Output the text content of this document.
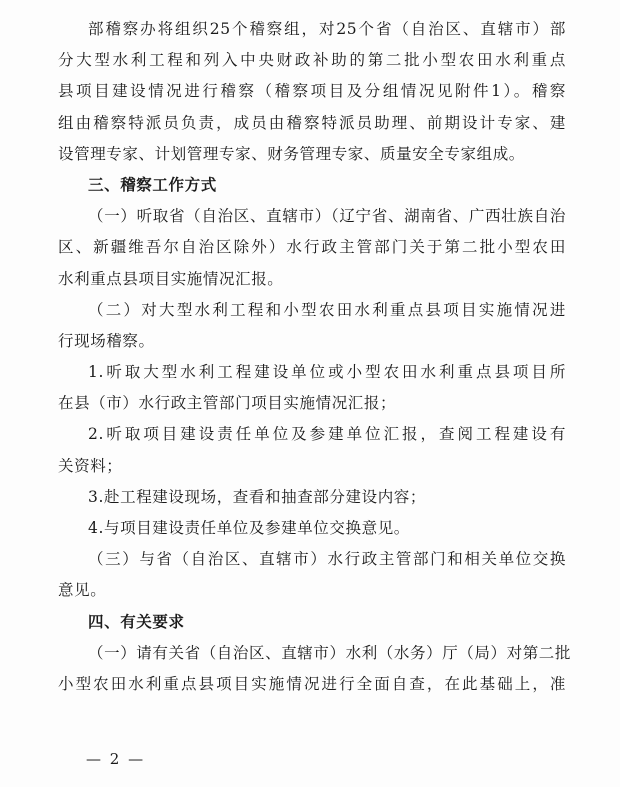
部稽察办将组织25个稽察组，对25个省（自治区、直辖市）部
分大型水利工程和列入中央财政补助的第二批小型农田水利重点
县项目建设情况进行稽察（稽察项目及分组情况见附件1）。稽察
组由稽察特派员负责，成员由稽察特派员助理、前期设计专家、建
设管理专家、计划管理专家、财务管理专家、质量安全专家组成。
三、稽察工作方式
（一）听取省（自治区、直辖市）（辽宁省、湖南省、广西壮族自治
区、新疆维吾尔自治区除外）水行政主管部门关于第二批小型农田
水利重点县项目实施情况汇报。
（二）对大型水利工程和小型农田水利重点县项目实施情况进
行现场稽察。
1.听取大型水利工程建设单位或小型农田水利重点县项目所
在县（市）水行政主管部门项目实施情况汇报；
2.听取项目建设责任单位及参建单位汇报，查阅工程建设有
关资料；
3.赴工程建设现场，查看和抽查部分建设内容；
4.与项目建设责任单位及参建单位交换意见。
（三）与省（自治区、直辖市）水行政主管部门和相关单位交换
意见。
四、有关要求
（一）请有关省（自治区、直辖市）水利（水务）厅（局）对第二批
小型农田水利重点县项目实施情况进行全面自查，在此基础上，准
— 2 —
